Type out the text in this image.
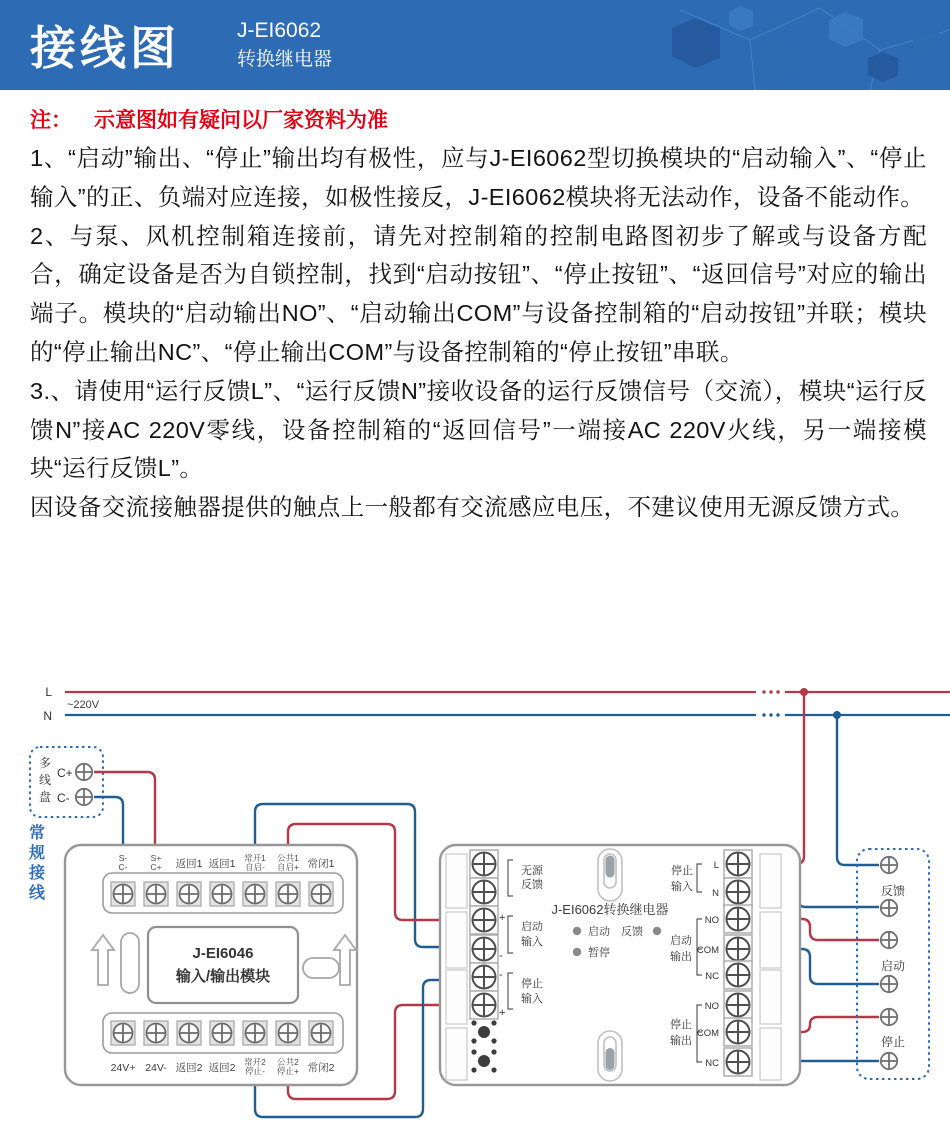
接线图	J-EI6062
转换继电器
注： 示意图如有疑问以厂家资料为准

1、“启动”输出、“停止”输出均有极性，应与J-EI6062型切换模块的“启动输入”、“停止输入”的正、负端对应连接，如极性接反，J-EI6062模块将无法动作，设备不能动作。

2、与泵、风机控制箱连接前，请先对控制箱的控制电路图初步了解或与设备方配合，确定设备是否为自锁控制，找到“启动按钮”、“停止按钮”、“返回信号”对应的输出端子。模块的“启动输出NO”、“启动输出COM”与设备控制箱的“启动按钮”并联；模块的“停止输出NC”、“停止输出COM”与设备控制箱的“停止按钮”串联。

3.、请使用“运行反馈L”、“运行反馈N”接收设备的运行反馈信号（交流），模块“运行反馈N”接AC 220V零线，设备控制箱的“返回信号”一端接AC 220V火线，另一端接模块“运行反馈L”。

因设备交流接触器提供的触点上一般都有交流感应电压，不建议使用无源反馈方式。

L
N
~220V
多
线
盘
C+
C-
常
规
接
线
S-
C-
S+
C+ 返回1 返回1 常开1
自启-
公共1
自启+ 常闭1
J-EI6046
输入/输出模块
24V+ 24V- 返回2 返回2 常开2
停止-
公共2
停止+ 常闭2
无源
反馈
+
-
启动
输入
-
+
停止
输入
J-EI6062转换继电器
启动 反馈
暂停
停止
输入
启动
输出
停止
输出
L
N
NO
COM
NC
NO
COM
NC
反馈
启动
停止
